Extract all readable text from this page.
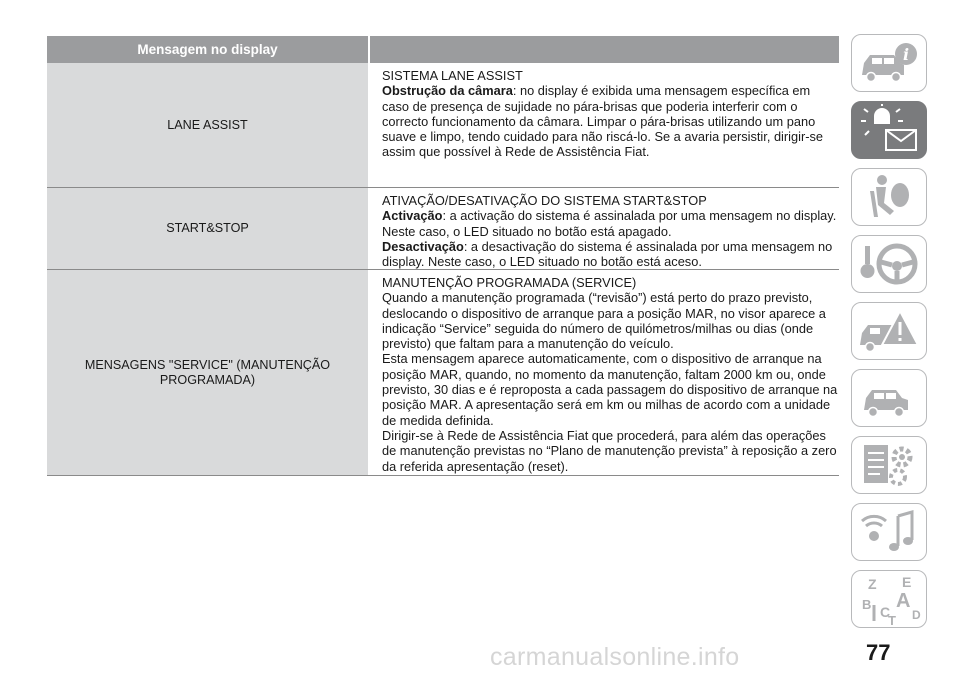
Mensagem no display
LANE ASSIST

SISTEMA LANE ASSIST

Obstrução da câmara: no display é exibida uma mensagem específica em caso de presença de sujidade no pára-brisas que poderia interferir com o correcto funcionamento da câmara. Limpar o pára-brisas utilizando um pano suave e limpo, tendo cuidado para não riscá-lo. Se a avaria persistir, dirigir-se assim que possível à Rede de Assistência Fiat.

START&STOP

ATIVAÇÃO/DESATIVAÇÃO DO SISTEMA START&STOP

Activação: a activação do sistema é assinalada por uma mensagem no display. Neste caso, o LED situado no botão está apagado.

Desactivação: a desactivação do sistema é assinalada por uma mensagem no display. Neste caso, o LED situado no botão está aceso.

MENSAGENS "SERVICE" (MANUTENÇÃO PROGRAMADA)

MANUTENÇÃO PROGRAMADA (SERVICE)

Quando a manutenção programada (“revisão”) está perto do prazo previsto, deslocando o dispositivo de arranque para a posição MAR, no visor aparece a indicação “Service” seguida do número de quilómetros/milhas ou dias (onde previsto) que faltam para a manutenção do veículo.

Esta mensagem aparece automaticamente, com o dispositivo de arranque na posição MAR, quando, no momento da manutenção, faltam 2000 km ou, onde previsto, 30 dias e é reproposta a cada passagem do dispositivo de arranque na posição MAR. A apresentação será em km ou milhas de acordo com a unidade de medida definida.

Dirigir-se à Rede de Assistência Fiat que procederá, para além das operações de manutenção previstas no “Plano de manutenção prevista” à reposição a zero da referida apresentação (reset).

i
Z E
B A
C D
T
carmanualsonline.info	77
